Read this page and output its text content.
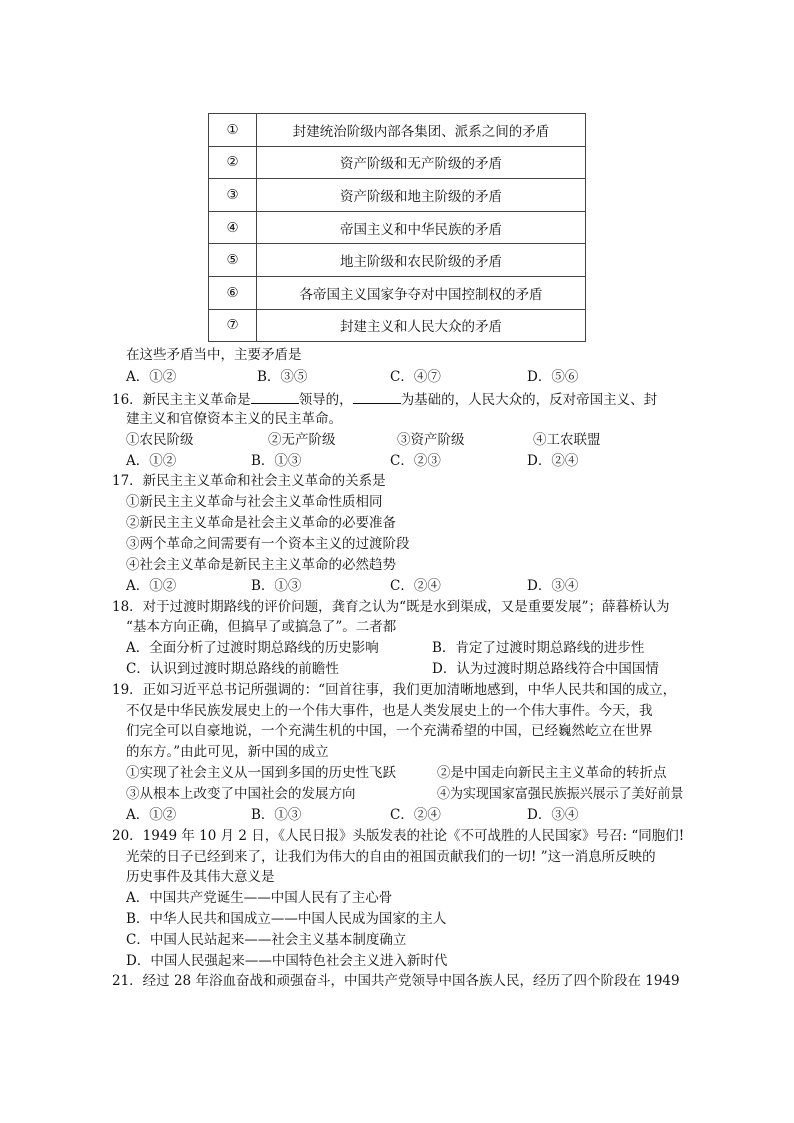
①	封建统治阶级内部各集团、派系之间的矛盾
②	资产阶级和无产阶级的矛盾
③	资产阶级和地主阶级的矛盾
④	帝国主义和中华民族的矛盾
⑤	地主阶级和农民阶级的矛盾
⑥	各帝国主义国家争夺对中国控制权的矛盾
⑦	封建主义和人民大众的矛盾
在这些矛盾当中，主要矛盾是
A．①②	B．③⑤	C．④⑦	D．⑤⑥
16．新民主主义革命是	领导的，	为基础的，人民大众的，反对帝国主义、封
建主义和官僚资本主义的民主革命。
①农民阶级	②无产阶级	③资产阶级	④工农联盟
A．①②	B．①③	C．②③	D．②④
17．新民主主义革命和社会主义革命的关系是
①新民主主义革命与社会主义革命性质相同
②新民主主义革命是社会主义革命的必要准备
③两个革命之间需要有一个资本主义的过渡阶段
④社会主义革命是新民主主义革命的必然趋势
A．①②	B．①③	C．②④	D．③④
18．对于过渡时期路线的评价问题，龚育之认为“既是水到渠成，又是重要发展”；薛暮桥认为
“基本方向正确，但搞早了或搞急了”。二者都
A．全面分析了过渡时期总路线的历史影响	B．肯定了过渡时期总路线的进步性
C．认识到过渡时期总路线的前瞻性	D．认为过渡时期总路线符合中国国情
19．正如习近平总书记所强调的：“回首往事，我们更加清晰地感到，中华人民共和国的成立，
不仅是中华民族发展史上的一个伟大事件，也是人类发展史上的一个伟大事件。今天，我
们完全可以自豪地说，一个充满生机的中国，一个充满希望的中国，已经巍然屹立在世界
的东方。”由此可见，新中国的成立
①实现了社会主义从一国到多国的历史性飞跃	②是中国走向新民主主义革命的转折点
③从根本上改变了中国社会的发展方向	④为实现国家富强民族振兴展示了美好前景
A．①②	B．①③	C．②④	D．③④
20．1949 年 10 月 2 日，《人民日报》头版发表的社论《不可战胜的人民国家》号召: “同胞们!
光荣的日子已经到来了，让我们为伟大的自由的祖国贡献我们的一切! ”这一消息所反映的
历史事件及其伟大意义是
A．中国共产党诞生——中国人民有了主心骨
B．中华人民共和国成立——中国人民成为国家的主人
C．中国人民站起来——社会主义基本制度确立
D．中国人民强起来——中国特色社会主义进入新时代
21．经过 28 年浴血奋战和顽强奋斗，中国共产党领导中国各族人民，经历了四个阶段在 1949
